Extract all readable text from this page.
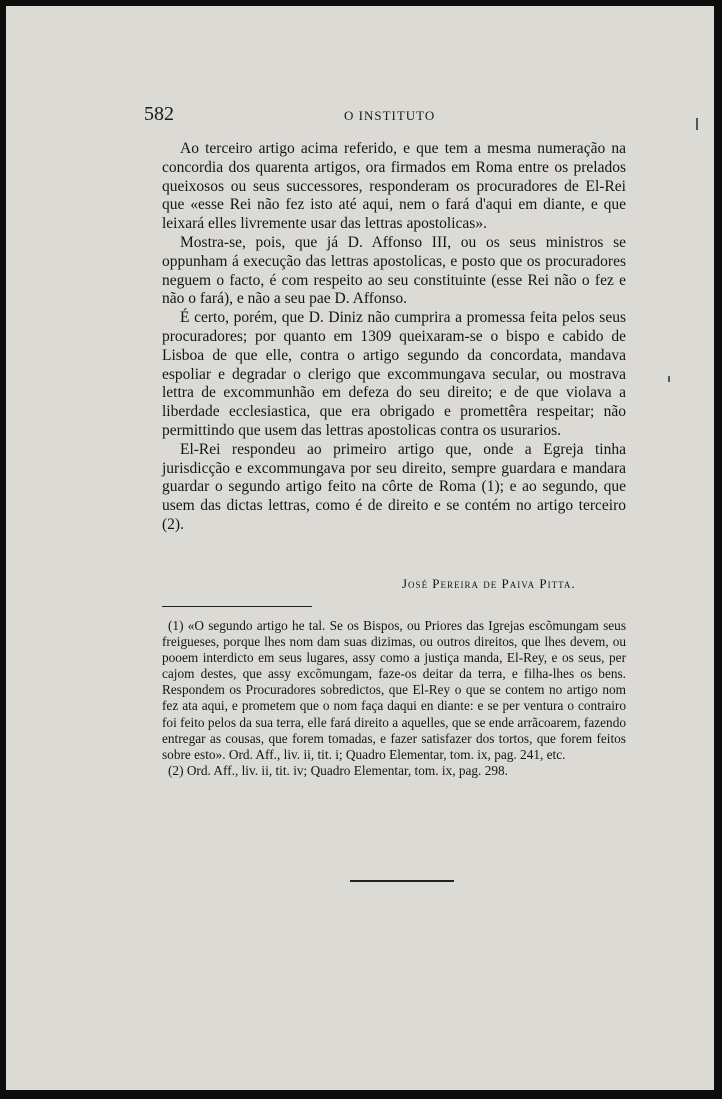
582	O INSTITUTO

Ao terceiro artigo acima referido, e que tem a mesma numeração na concordia dos quarenta artigos, ora firmados em Roma entre os prelados queixosos ou seus successores, responderam os procuradores de El-Rei que «esse Rei não fez isto até aqui, nem o fará d'aqui em diante, e que leixará elles livremente usar das lettras apostolicas».

Mostra-se, pois, que já D. Affonso III, ou os seus ministros se oppunham á execução das lettras apostolicas, e posto que os procuradores neguem o facto, é com respeito ao seu constituinte (esse Rei não o fez e não o fará), e não a seu pae D. Affonso.

É certo, porém, que D. Diniz não cumprira a promessa feita pelos seus procuradores; por quanto em 1309 queixaram-se o bispo e cabido de Lisboa de que elle, contra o artigo segundo da concordata, mandava espoliar e degradar o clerigo que excommungava secular, ou mostrava lettra de excommunhão em defeza do seu direito; e de que violava a liberdade ecclesiastica, que era obrigado e promettêra respeitar; não permittindo que usem das lettras apostolicas contra os usurarios.

El-Rei respondeu ao primeiro artigo que, onde a Egreja tinha jurisdicção e excommungava por seu direito, sempre guardara e mandara guardar o segundo artigo feito na côrte de Roma (1); e ao segundo, que usem das dictas lettras, como é de direito e se contém no artigo terceiro (2).

José Pereira de Paiva Pitta.

(1) «O segundo artigo he tal. Se os Bispos, ou Priores das Igrejas escõmungam seus freigueses, porque lhes nom dam suas dizimas, ou outros direitos, que lhes devem, ou pooem interdicto em seus lugares, assy como a justiça manda, El-Rey, e os seus, per cajom destes, que assy excõmungam, faze-os deitar da terra, e filha-lhes os bens. Respondem os Procuradores sobredictos, que El-Rey o que se contem no artigo nom fez ata aqui, e prometem que o nom faça daqui en diante: e se per ventura o contrairo foi feito pelos da sua terra, elle fará direito a aquelles, que se ende arrãcoarem, fazendo entregar as cousas, que forem tomadas, e fazer satisfazer dos tortos, que forem feitos sobre esto». Ord. Aff., liv. ii, tit. i; Quadro Elementar, tom. ix, pag. 241, etc.

(2) Ord. Aff., liv. ii, tit. iv; Quadro Elementar, tom. ix, pag. 298.
